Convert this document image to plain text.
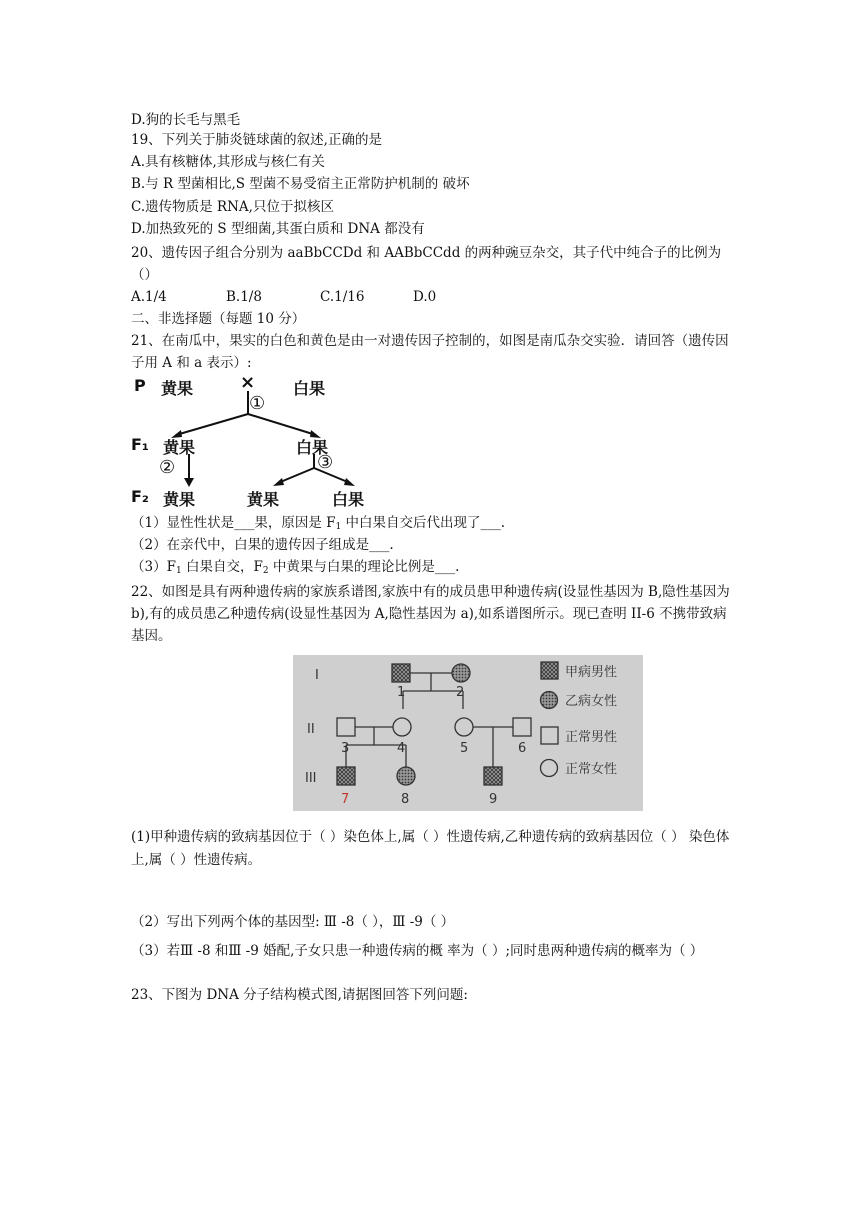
D.狗的长毛与黑毛
19、下列关于肺炎链球菌的叙述,正确的是
A.具有核糖体,其形成与核仁有关
B.与 R 型菌相比,S 型菌不易受宿主正常防护机制的 破坏
C.遗传物质是 RNA,只位于拟核区
D.加热致死的 S 型细菌,其蛋白质和 DNA 都没有
20、遗传因子组合分别为 aaBbCCDd 和 AABbCCdd 的两种豌豆杂交，其子代中纯合子的比例为（）
A.1/4	B.1/8	C.1/16	D.0
二、非选择题（每题 10 分）
21、在南瓜中，果实的白色和黄色是由一对遗传因子控制的，如图是南瓜杂交实验．请回答（遗传因子用 A 和 a 表示）:
P 黄果	× 白果
①
F₁ 黄果	白果
②	③
F₂ 黄果	黄果	白果
（1）显性性状是___果，原因是 $F_1$ 中白果自交后代出现了___.
（2）在亲代中，白果的遗传因子组成是___.
$(3)F_1$ 白果自交，$F_2$ 中黄果与白果的理论比例是___.
22、如图是具有两种遗传病的家族系谱图,家族中有的成员患甲种遗传病(设显性基因为 B,隐性基因为 b),有的成员患乙种遗传病(设显性基因为 A,隐性基因为 a),如系谱图所示。现已查明 II-6 不携带致病基因。
I
II
III
1	2
3	4	5	6
7	8	9
甲病男性
乙病女性
正常男性
正常女性
(1)甲种遗传病的致病基因位于（ ）染色体上,属（ ）性遗传病,乙种遗传病的致病基因位（ ） 染色体上,属（ ）性遗传病。
（2）写出下列两个体的基因型: Ⅲ -8（ ），Ⅲ -9（ ）
（3）若Ⅲ -8 和Ⅲ -9 婚配,子女只患一种遗传病的概 率为（ ）;同时患两种遗传病的概率为（ ）
23、下图为 DNA 分子结构模式图,请据图回答下列问题:
